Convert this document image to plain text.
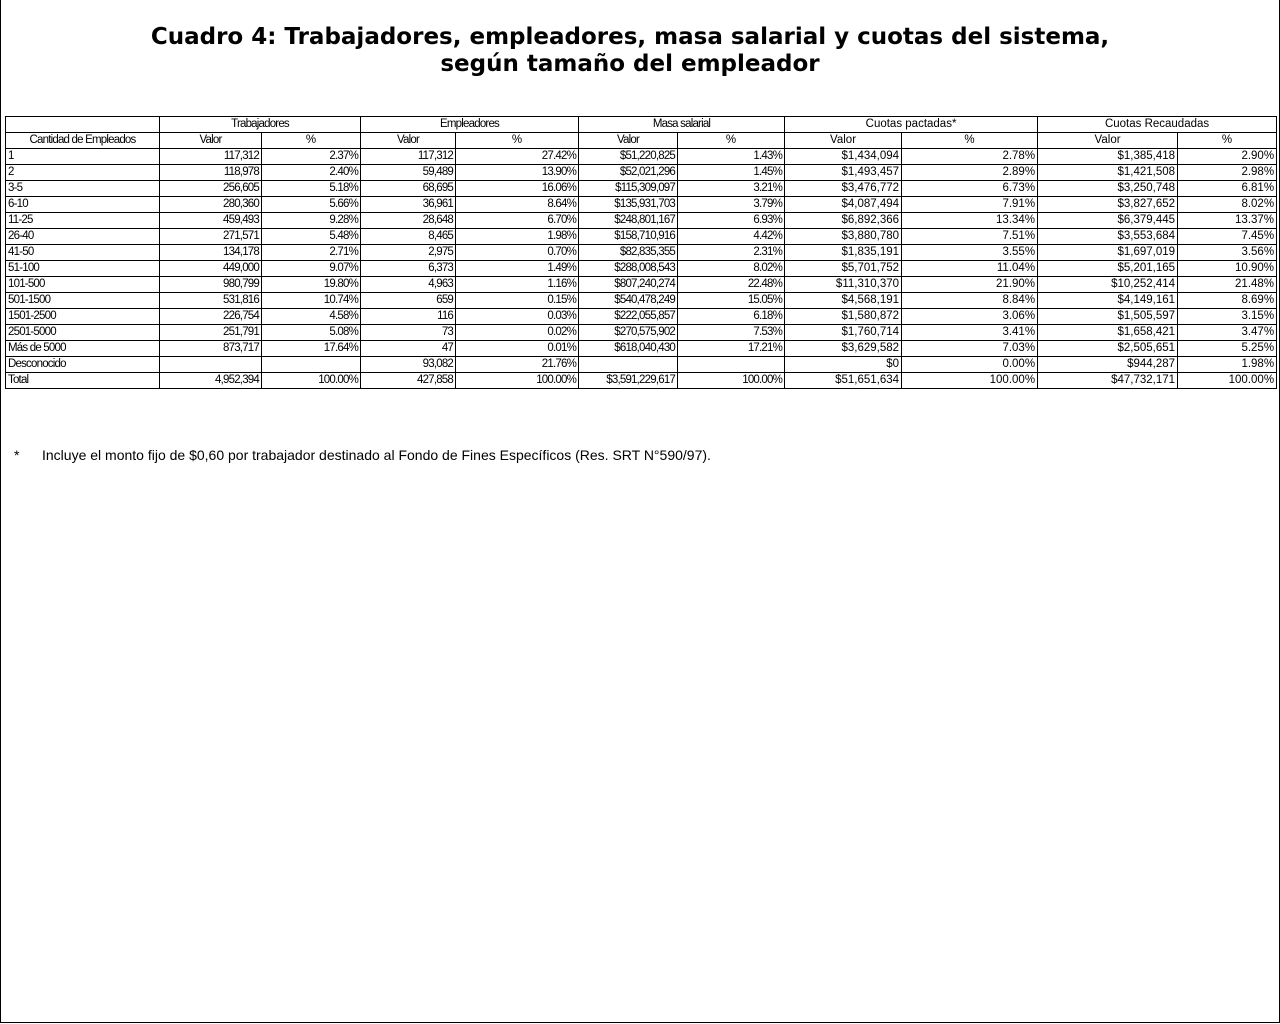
Cuadro 4: Trabajadores, empleadores, masa salarial y cuotas del sistema,
según tamaño del empleador
	Trabajadores		Empleadores		Masa salarial		Cuotas pactadas*		Cuotas Recaudadas	
Cantidad de Empleados	Valor	%	Valor	%	Valor	%	Valor	%	Valor	%
1	117,312	2.37%	117,312	27.42%	$51,220,825	1.43%	$1,434,094	2.78%	$1,385,418	2.90%
2	118,978	2.40%	59,489	13.90%	$52,021,296	1.45%	$1,493,457	2.89%	$1,421,508	2.98%
3-5	256,605	5.18%	68,695	16.06%	$115,309,097	3.21%	$3,476,772	6.73%	$3,250,748	6.81%
6-10	280,360	5.66%	36,961	8.64%	$135,931,703	3.79%	$4,087,494	7.91%	$3,827,652	8.02%
11-25	459,493	9.28%	28,648	6.70%	$248,801,167	6.93%	$6,892,366	13.34%	$6,379,445	13.37%
26-40	271,571	5.48%	8,465	1.98%	$158,710,916	4.42%	$3,880,780	7.51%	$3,553,684	7.45%
41-50	134,178	2.71%	2,975	0.70%	$82,835,355	2.31%	$1,835,191	3.55%	$1,697,019	3.56%
51-100	449,000	9.07%	6,373	1.49%	$288,008,543	8.02%	$5,701,752	11.04%	$5,201,165	10.90%
101-500	980,799	19.80%	4,963	1.16%	$807,240,274	22.48%	$11,310,370	21.90%	$10,252,414	21.48%
501-1500	531,816	10.74%	659	0.15%	$540,478,249	15.05%	$4,568,191	8.84%	$4,149,161	8.69%
1501-2500	226,754	4.58%	116	0.03%	$222,055,857	6.18%	$1,580,872	3.06%	$1,505,597	3.15%
2501-5000	251,791	5.08%	73	0.02%	$270,575,902	7.53%	$1,760,714	3.41%	$1,658,421	3.47%
Más de 5000	873,717	17.64%	47	0.01%	$618,040,430	17.21%	$3,629,582	7.03%	$2,505,651	5.25%
Desconocido			93,082	21.76%			$0	0.00%	$944,287	1.98%
Total	4,952,394	100.00%	427,858	100.00%	$3,591,229,617	100.00%	$51,651,634	100.00%	$47,732,171	100.00%
* Incluye el monto fijo de $0,60 por trabajador destinado al Fondo de Fines Específicos (Res. SRT N°590/97).
